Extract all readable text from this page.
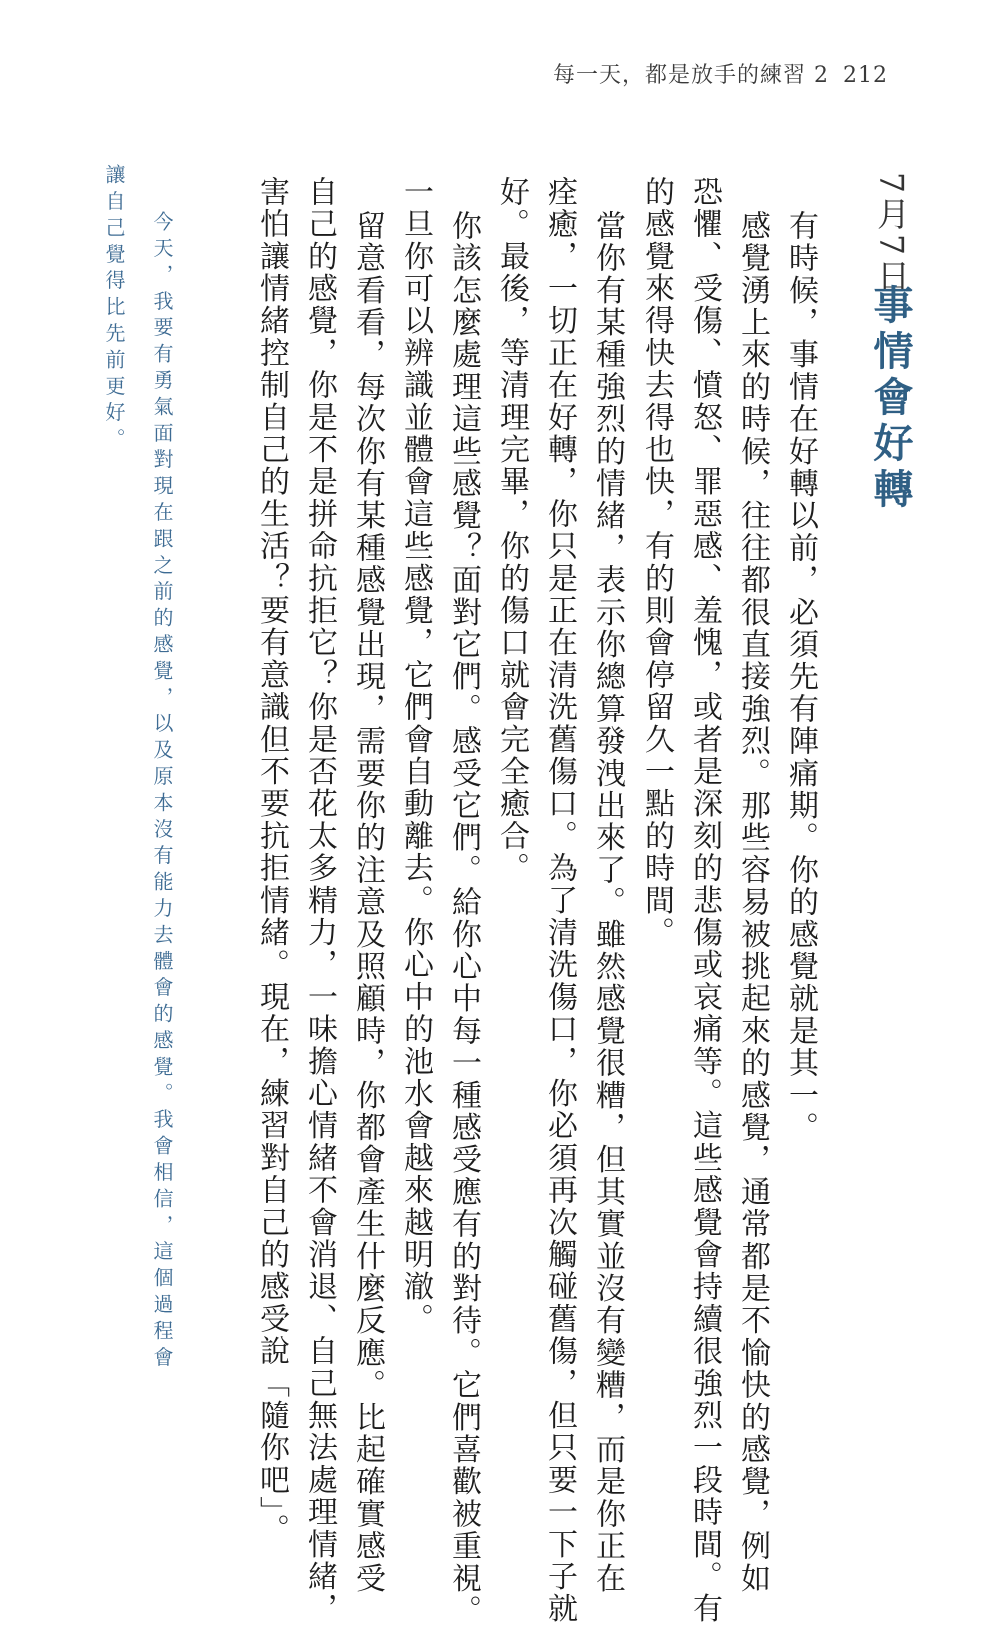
每一天，都是放手的練習 2 212
7月7日
事情會好轉
有時候，事情在好轉以前，必須先有陣痛期。你的感覺就是其一。
感覺湧上來的時候，往往都很直接強烈。那些容易被挑起來的感覺，通常都是不愉快的感覺，例如
恐懼、受傷、憤怒、罪惡感、羞愧，或者是深刻的悲傷或哀痛等。這些感覺會持續很強烈一段時間。有
的感覺來得快去得也快，有的則會停留久一點的時間。
當你有某種強烈的情緒，表示你總算發洩出來了。雖然感覺很糟，但其實並沒有變糟，而是你正在
痊癒，一切正在好轉，你只是正在清洗舊傷口。為了清洗傷口，你必須再次觸碰舊傷，但只要一下子就
好。最後，等清理完畢，你的傷口就會完全癒合。
你該怎麼處理這些感覺？面對它們。感受它們。給你心中每一種感受應有的對待。它們喜歡被重視。
一旦你可以辨識並體會這些感覺，它們會自動離去。你心中的池水會越來越明澈。
留意看看，每次你有某種感覺出現，需要你的注意及照顧時，你都會產生什麼反應。比起確實感受
自己的感覺，你是不是拼命抗拒它？你是否花太多精力，一味擔心情緒不會消退、自己無法處理情緒，
害怕讓情緒控制自己的生活？要有意識但不要抗拒情緒。現在，練習對自己的感受說「隨你吧」。
今天，我要有勇氣面對現在跟之前的感覺，以及原本沒有能力去體會的感覺。我會相信，這個過程會
讓自己覺得比先前更好。
